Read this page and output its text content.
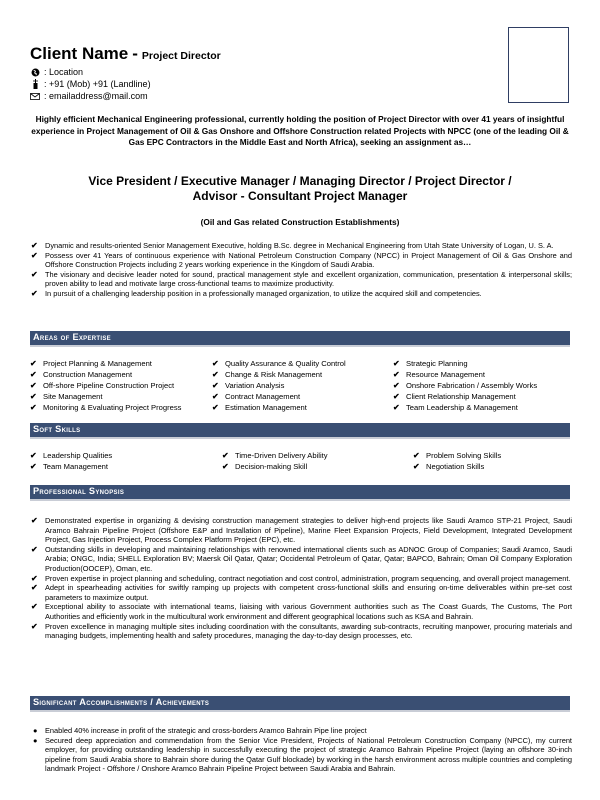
Client Name - Project Director
: Location
: +91 (Mob) +91 (Landline)
: emailaddress@mail.com
Highly efficient Mechanical Engineering professional, currently holding the position of Project Director with over 41 years of insightful experience in Project Management of Oil & Gas Onshore and Offshore Construction related Projects with NPCC (one of the leading Oil & Gas EPC Contractors in the Middle East and North Africa), seeking an assignment as…
Vice President / Executive Manager / Managing Director / Project Director /
Advisor - Consultant Project Manager
(Oil and Gas related Construction Establishments)
✔ Dynamic and results-oriented Senior Management Executive, holding B.Sc. degree in Mechanical Engineering from Utah State University of Logan, U. S. A.
✔ Possess over 41 Years of continuous experience with National Petroleum Construction Company (NPCC) in Project Management of Oil & Gas Onshore and Offshore Construction Projects including 2 years working experience in the Kingdom of Saudi Arabia.
✔ The visionary and decisive leader noted for sound, practical management style and excellent organization, communication, presentation & interpersonal skills; proven ability to lead and motivate large cross-functional teams to maximize productivity.
✔ In pursuit of a challenging leadership position in a professionally managed organization, to utilize the acquired skill and competencies.
Areas of Expertise
✔ Project Planning & Management
✔ Construction Management
✔ Off-shore Pipeline Construction Project
✔ Site Management
✔ Monitoring & Evaluating Project Progress
✔ Quality Assurance & Quality Control
✔ Change & Risk Management
✔ Variation Analysis
✔ Contract Management
✔ Estimation Management
✔ Strategic Planning
✔ Resource Management
✔ Onshore Fabrication / Assembly Works
✔ Client Relationship Management
✔ Team Leadership & Management
Soft Skills
✔ Leadership Qualities
✔ Team Management
✔ Time-Driven Delivery Ability
✔ Decision-making Skill
✔ Problem Solving Skills
✔ Negotiation Skills
Professional Synopsis
✔ Demonstrated expertise in organizing & devising construction management strategies to deliver high-end projects like Saudi Aramco STP-21 Project, Saudi Aramco Bahrain Pipeline Project (Offshore E&P and Installation of Pipeline), Marine Fleet Expansion Projects, Field Development, Integrated Development Project, Gas Injection Project, Process Complex Platform Project (EPC), etc.
✔ Outstanding skills in developing and maintaining relationships with renowned international clients such as ADNOC Group of Companies; Saudi Aramco, Saudi Arabia; ONGC, India; SHELL Exploration BV; Maersk Oil Qatar, Qatar; Occidental Petroleum of Qatar, Qatar; BAPCO, Bahrain; Oman Oil Company Exploration Production(OOCEP), Oman, etc.
✔ Proven expertise in project planning and scheduling, contract negotiation and cost control, administration, program sequencing, and overall project management.
✔ Adept in spearheading activities for swiftly ramping up projects with competent cross-functional skills and ensuring on-time deliverables within pre-set cost parameters to maximize output.
✔ Exceptional ability to associate with international teams, liaising with various Government authorities such as The Coast Guards, The Customs, The Port Authorities and efficiently work in the multicultural work environment and different geographical locations such as KSA and Bahrain.
✔ Proven excellence in managing multiple sites including coordination with the consultants, awarding sub-contracts, recruiting manpower, procuring materials and managing budgets, implementing health and safety procedures, managing the day-to-day design processes, etc.
Significant Accomplishments / Achievements
● Enabled 40% increase in profit of the strategic and cross-borders Aramco Bahrain Pipe line project
● Secured deep appreciation and commendation from the Senior Vice President, Projects of National Petroleum Construction Company (NPCC), my current employer, for providing outstanding leadership in successfully executing the project of strategic Aramco Bahrain Pipeline Project (laying an offshore 30-inch pipeline from Saudi Arabia shore to Bahrain shore during the Qatar Gulf blockade) by working in the harsh environment across multiple countries and completing landmark Project - Offshore / Onshore Aramco Bahrain Pipeline Project between Saudi Arabia and Bahrain.
